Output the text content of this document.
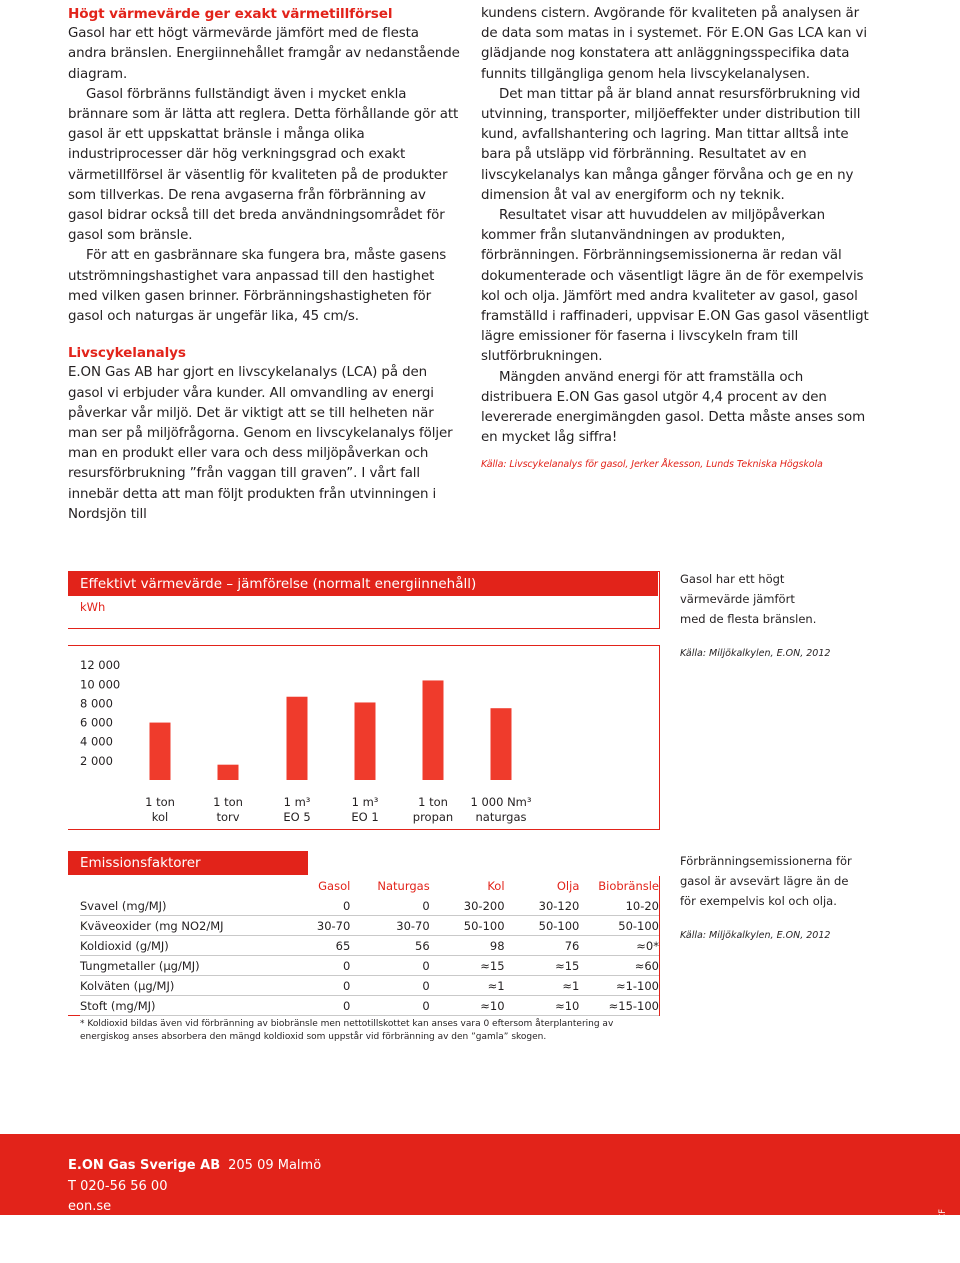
Högt värmevärde ger exakt värmetillförsel

Gasol har ett högt värmevärde jämfört med de flesta andra bränslen. Energiinnehållet framgår av nedanstående diagram.

Gasol förbränns fullständigt även i mycket enkla brännare som är lätta att reglera. Detta förhållande gör att gasol är ett uppskattat bränsle i många olika industriprocesser där hög verkningsgrad och exakt värmetillförsel är väsentlig för kvaliteten på de produkter som tillverkas. De rena avgaserna från förbränning av gasol bidrar också till det breda användningsområdet för gasol som bränsle.

För att en gasbrännare ska fungera bra, måste gasens utströmningshastighet vara anpassad till den hastighet med vilken gasen brinner. Förbränningshastigheten för gasol och naturgas är ungefär lika, 45 cm/s.

Livscykelanalys

E.ON Gas AB har gjort en livscykelanalys (LCA) på den gasol vi erbjuder våra kunder. All omvandling av energi påverkar vår miljö. Det är viktigt att se till helheten när man ser på miljöfrågorna. Genom en livscykelanalys följer man en produkt eller vara och dess miljöpåverkan och resursförbrukning ”från vaggan till graven”. I vårt fall innebär detta att man följt produkten från utvinningen i Nordsjön till

kundens cistern. Avgörande för kvaliteten på analysen är de data som matas in i systemet. För E.ON Gas LCA kan vi glädjande nog konstatera att anläggningsspecifika data funnits tillgängliga genom hela livscykelanalysen.

Det man tittar på är bland annat resursförbrukning vid utvinning, transporter, miljöeffekter under distribution till kund, avfallshantering och lagring. Man tittar alltså inte bara på utsläpp vid förbränning. Resultatet av en livscykelanalys kan många gånger förvåna och ge en ny dimension åt val av energiform och ny teknik.

Resultatet visar att huvuddelen av miljöpåverkan kommer från slutanvändningen av produkten, förbränningen. Förbränningsemissionerna är redan väl dokumenterade och väsentligt lägre än de för exempelvis kol och olja. Jämfört med andra kvaliteter av gasol, gasol framställd i raffinaderi, uppvisar E.ON Gas gasol väsentligt lägre emissioner för faserna i livscykeln fram till slutförbrukningen.

Mängden använd energi för att framställa och distribuera E.ON Gas gasol utgör 4,4 procent av den levererade energimängden gasol. Detta måste anses som en mycket låg siffra!

Källa: Livscykelanalys för gasol, Jerker Åkesson, Lunds Tekniska Högskola
Effektivt värmevärde – jämförelse (normalt energiinnehåll)
kWh
12 000
10 000
8 000
6 000
4 000
2 000
1 ton
kol
1 ton
torv
1 m³
EO 5
1 m³
EO 1
1 ton
propan
1 000 Nm³
naturgas
Gasol har ett högt
värmevärde jämfört
med de flesta bränslen.
Källa: Miljökalkylen, E.ON, 2012
Emissionsfaktorer
	Gasol	Naturgas	Kol	Olja	Biobränsle
Svavel (mg/MJ)	0	0	30-200	30-120	10-20
Kväveoxider (mg NO2/MJ	30-70	30-70	50-100	50-100	50-100
Koldioxid (g/MJ)	65	56	98	76	≈0*
Tungmetaller (µg/MJ)	0	0	≈15	≈15	≈60
Kolväten (µg/MJ)	0	0	≈1	≈1	≈1-100
Stoft (mg/MJ)	0	0	≈10	≈10	≈15-100
* Koldioxid bildas även vid förbränning av biobränsle men nettotillskottet kan anses vara 0 eftersom återplantering av energiskog anses absorbera den mängd koldioxid som uppstår vid förbränning av den ”gamla” skogen.
Förbränningsemissionerna för
gasol är avsevärt lägre än de
för exempelvis kol och olja.
Källa: Miljökalkylen, E.ON, 2012
E.ON Gas Sverige AB 205 09 Malmö
T 020-56 56 00
eon.se
2015-05 TCF
